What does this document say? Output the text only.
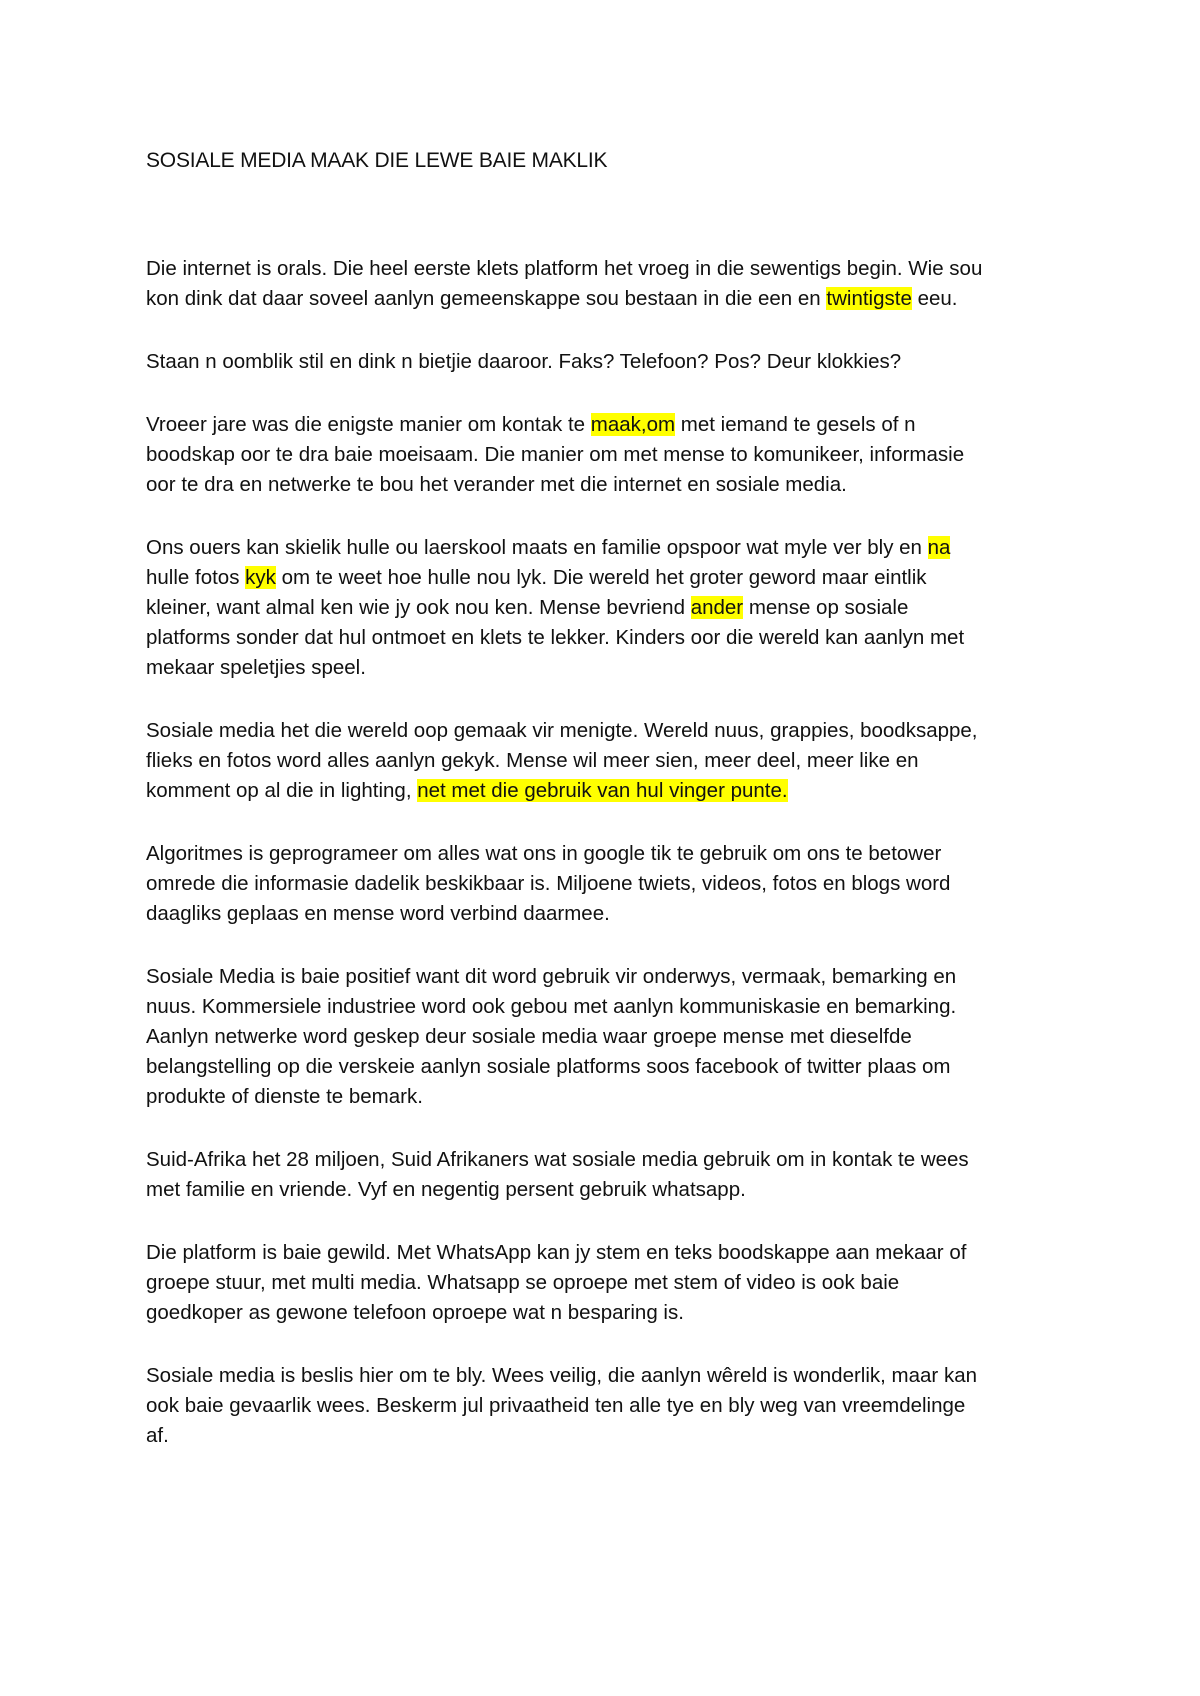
SOSIALE MEDIA MAAK DIE LEWE BAIE MAKLIK

Die internet is orals. Die heel eerste klets platform het vroeg in die sewentigs begin. Wie sou
kon dink dat daar soveel aanlyn gemeenskappe sou bestaan in die een en twintigste eeu.

Staan n oomblik stil en dink n bietjie daaroor. Faks? Telefoon? Pos? Deur klokkies?

Vroeer jare was die enigste manier om kontak te maak,om met iemand te gesels of n
boodskap oor te dra baie moeisaam. Die manier om met mense to komunikeer, informasie
oor te dra en netwerke te bou het verander met die internet en sosiale media.

Ons ouers kan skielik hulle ou laerskool maats en familie opspoor wat myle ver bly en na
hulle fotos kyk om te weet hoe hulle nou lyk. Die wereld het groter geword maar eintlik
kleiner, want almal ken wie jy ook nou ken. Mense bevriend ander mense op sosiale
platforms sonder dat hul ontmoet en klets te lekker. Kinders oor die wereld kan aanlyn met
mekaar speletjies speel.

Sosiale media het die wereld oop gemaak vir menigte. Wereld nuus, grappies, boodksappe,
flieks en fotos word alles aanlyn gekyk. Mense wil meer sien, meer deel, meer like en
komment op al die in lighting, net met die gebruik van hul vinger punte.

Algoritmes is geprogrameer om alles wat ons in google tik te gebruik om ons te betower
omrede die informasie dadelik beskikbaar is. Miljoene twiets, videos, fotos en blogs word
daagliks geplaas en mense word verbind daarmee.

Sosiale Media is baie positief want dit word gebruik vir onderwys, vermaak, bemarking en
nuus. Kommersiele industriee word ook gebou met aanlyn kommuniskasie en bemarking.
Aanlyn netwerke word geskep deur sosiale media waar groepe mense met dieselfde
belangstelling op die verskeie aanlyn sosiale platforms soos facebook of twitter plaas om
produkte of dienste te bemark.

Suid-Afrika het 28 miljoen, Suid Afrikaners wat sosiale media gebruik om in kontak te wees
met familie en vriende. Vyf en negentig persent gebruik whatsapp.

Die platform is baie gewild. Met WhatsApp kan jy stem en teks boodskappe aan mekaar of
groepe stuur, met multi media. Whatsapp se oproepe met stem of video is ook baie
goedkoper as gewone telefoon oproepe wat n besparing is.

Sosiale media is beslis hier om te bly. Wees veilig, die aanlyn wêreld is wonderlik, maar kan
ook baie gevaarlik wees. Beskerm jul privaatheid ten alle tye en bly weg van vreemdelinge
af.
